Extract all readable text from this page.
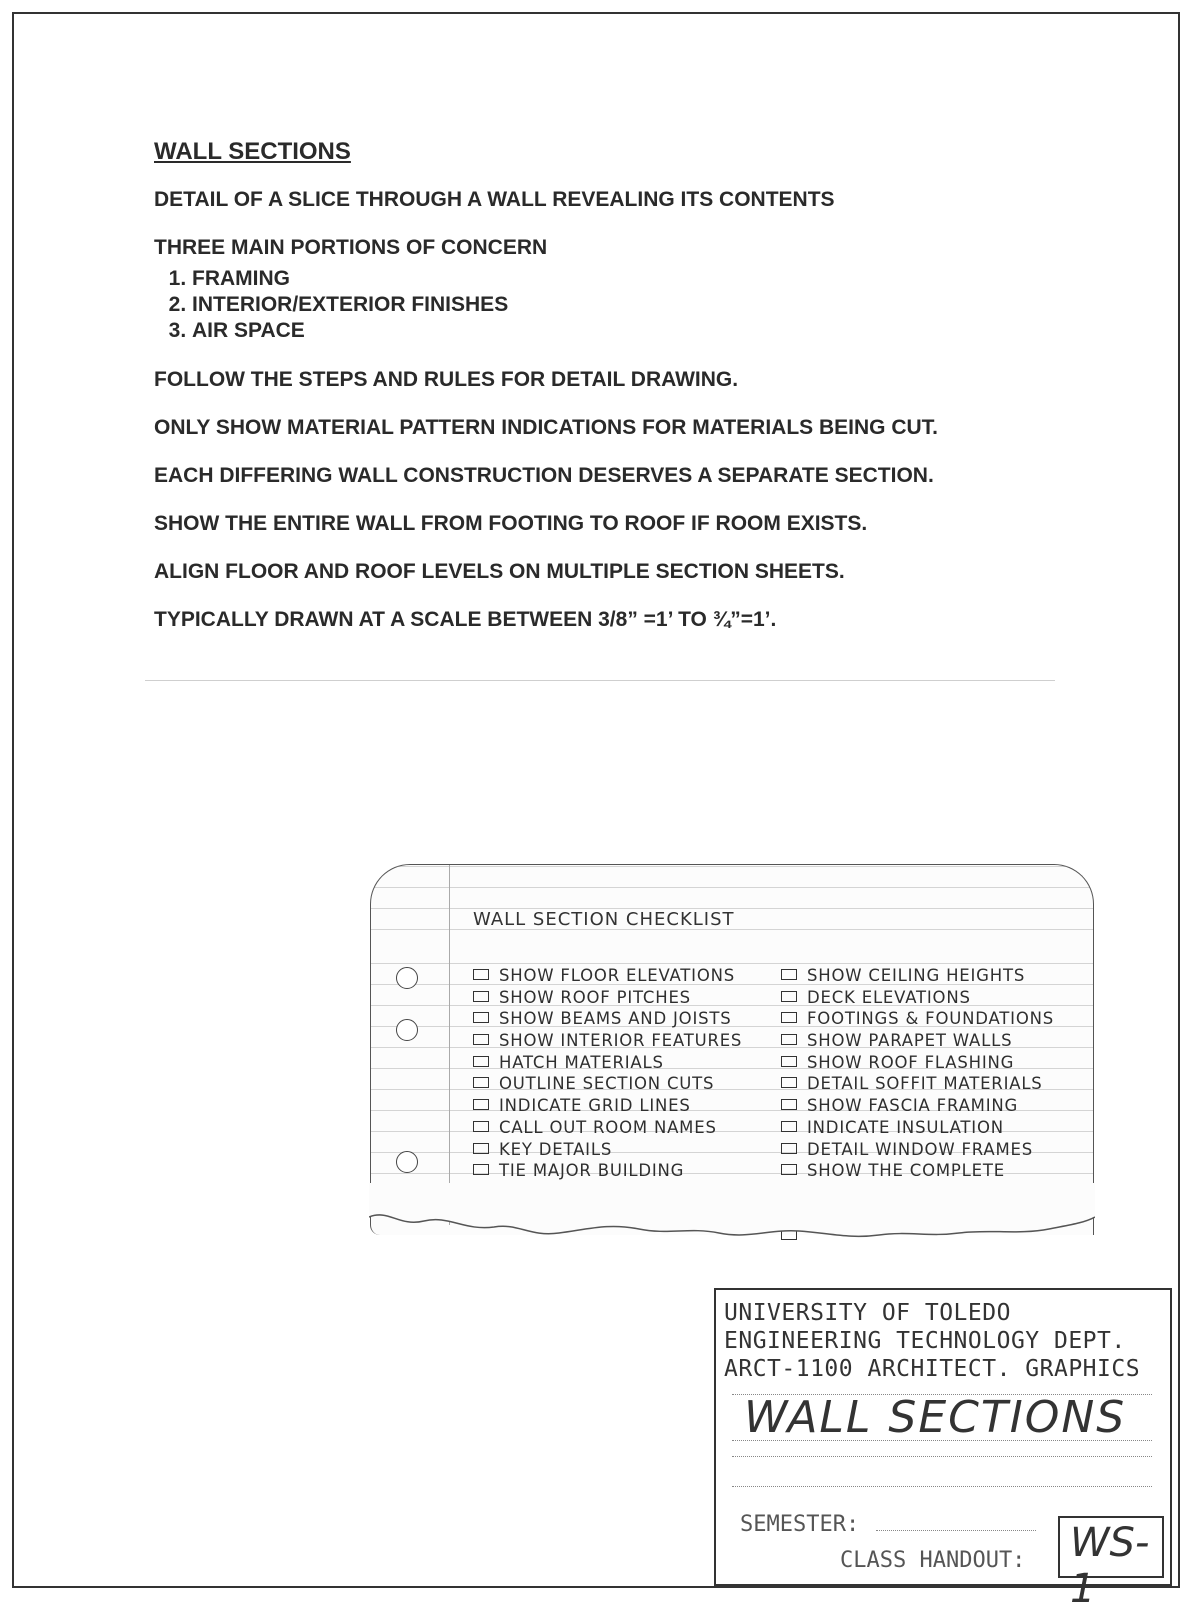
WALL SECTIONS

DETAIL OF A SLICE THROUGH A WALL REVEALING ITS CONTENTS

THREE MAIN PORTIONS OF CONCERN

1. FRAMING
2. INTERIOR/EXTERIOR FINISHES
3. AIR SPACE

FOLLOW THE STEPS AND RULES FOR DETAIL DRAWING.

ONLY SHOW MATERIAL PATTERN INDICATIONS FOR MATERIALS BEING CUT.

EACH DIFFERING WALL CONSTRUCTION DESERVES A SEPARATE SECTION.

SHOW THE ENTIRE WALL FROM FOOTING TO ROOF IF ROOM EXISTS.

ALIGN FLOOR AND ROOF LEVELS ON MULTIPLE SECTION SHEETS.

TYPICALLY DRAWN AT A SCALE BETWEEN 3/8” =1’ TO ¾”=1’.

WALL SECTION CHECKLIST
SHOW FLOOR ELEVATIONS
SHOW ROOF PITCHES
SHOW BEAMS AND JOISTS
SHOW INTERIOR FEATURES
HATCH MATERIALS
OUTLINE SECTION CUTS
INDICATE GRID LINES
CALL OUT ROOM NAMES
KEY DETAILS
TIE MAJOR BUILDING
SHOW CEILING HEIGHTS
DECK ELEVATIONS
FOOTINGS & FOUNDATIONS
SHOW PARAPET WALLS
SHOW ROOF FLASHING
DETAIL SOFFIT MATERIALS
SHOW FASCIA FRAMING
INDICATE INSULATION
DETAIL WINDOW FRAMES
SHOW THE COMPLETE
UNIVERSITY OF TOLEDO
ENGINEERING TECHNOLOGY DEPT.
ARCT-1100 ARCHITECT. GRAPHICS
WALL SECTIONS
SEMESTER:
CLASS HANDOUT: WS-1
